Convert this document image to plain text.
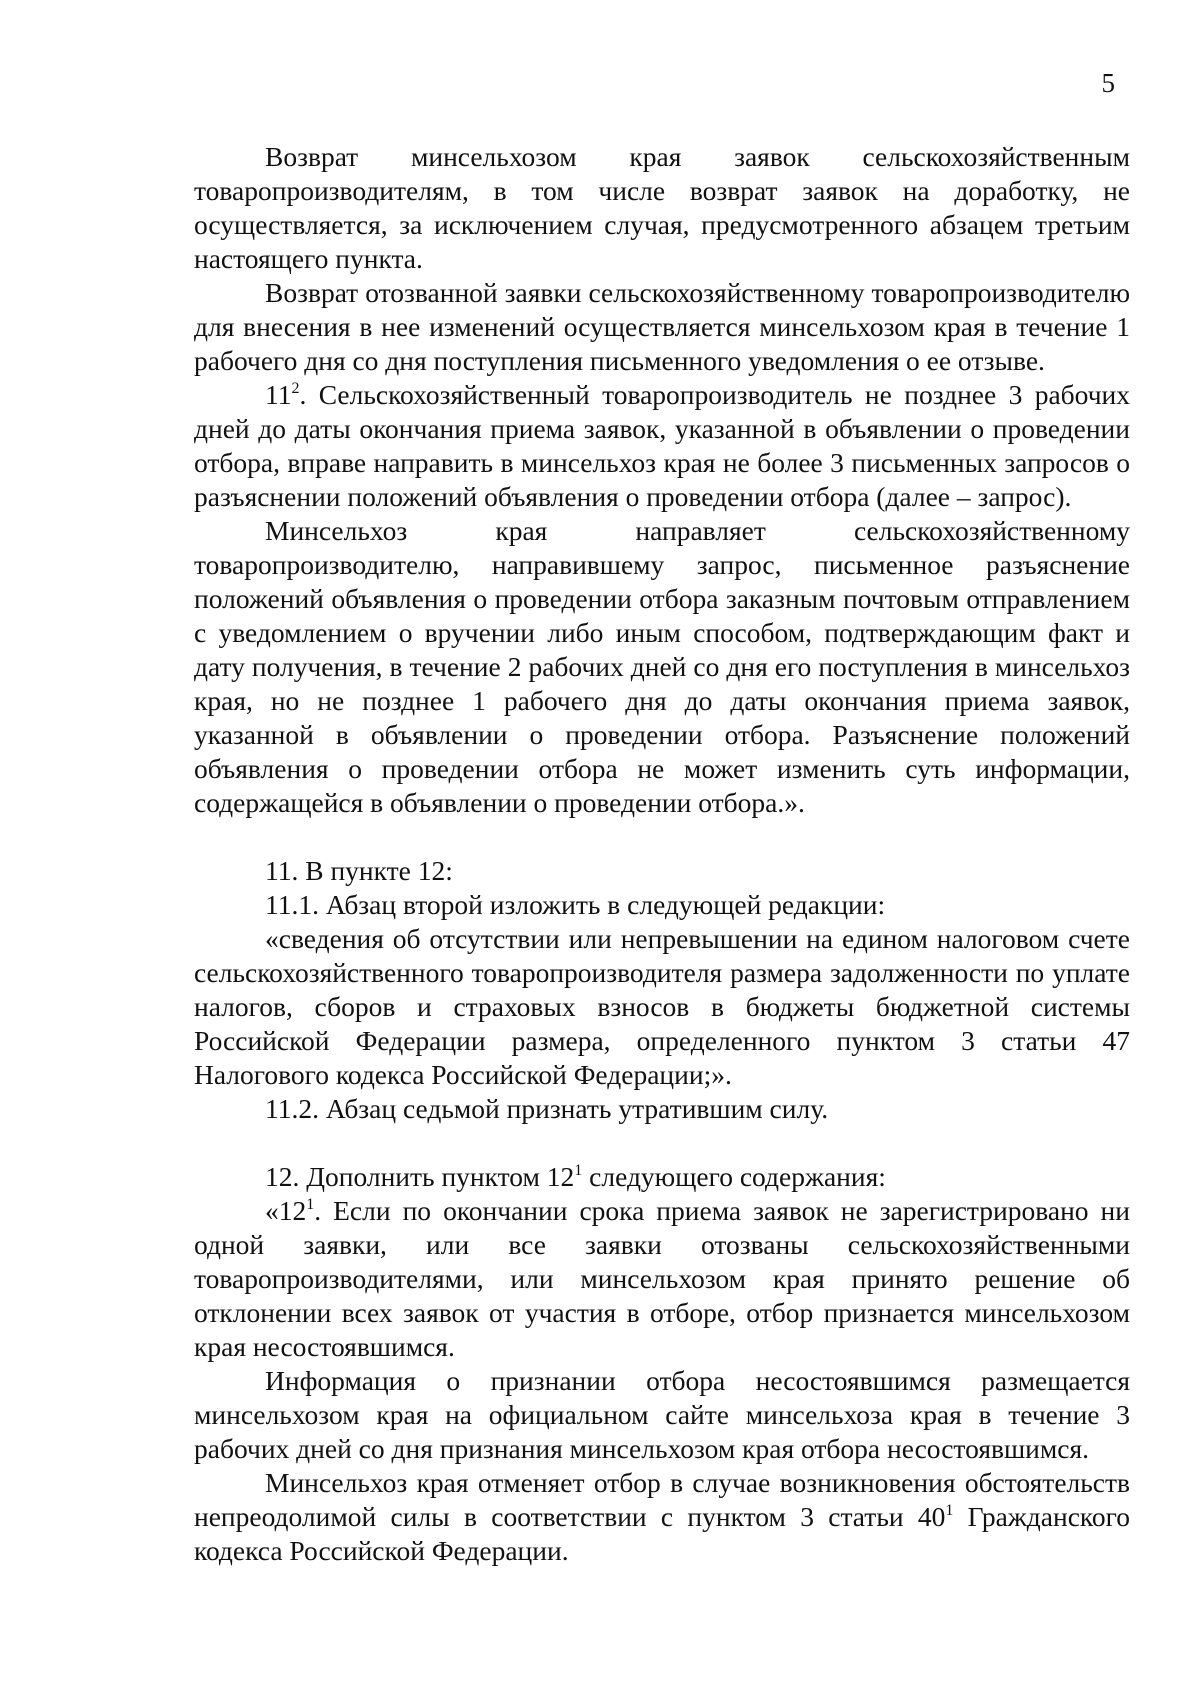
5

Возврат минсельхозом края заявок сельскохозяйственным товаропроизводителям, в том числе возврат заявок на доработку, не осуществляется, за исключением случая, предусмотренного абзацем третьим настоящего пункта.

Возврат отозванной заявки сельскохозяйственному товаропроизводителю для внесения в нее изменений осуществляется минсельхозом края в течение 1 рабочего дня со дня поступления письменного уведомления о ее отзыве.

$11^2$. Сельскохозяйственный товаропроизводитель не позднее 3 рабочих дней до даты окончания приема заявок, указанной в объявлении о проведении отбора, вправе направить в минсельхоз края не более 3 письменных запросов о разъяснении положений объявления о проведении отбора (далее – запрос).

Минсельхоз края направляет сельскохозяйственному товаропроизводителю, направившему запрос, письменное разъяснение положений объявления о проведении отбора заказным почтовым отправлением с уведомлением о вручении либо иным способом, подтверждающим факт и дату получения, в течение 2 рабочих дней со дня его поступления в минсельхоз края, но не позднее 1 рабочего дня до даты окончания приема заявок, указанной в объявлении о проведении отбора. Разъяснение положений объявления о проведении отбора не может изменить суть информации, содержащейся в объявлении о проведении отбора.».

11. В пункте 12:

11.1. Абзац второй изложить в следующей редакции:

«сведения об отсутствии или непревышении на едином налоговом счете сельскохозяйственного товаропроизводителя размера задолженности по уплате налогов, сборов и страховых взносов в бюджеты бюджетной системы Российской Федерации размера, определенного пунктом 3 статьи 47 Налогового кодекса Российской Федерации;».

11.2. Абзац седьмой признать утратившим силу.

12. Дополнить пунктом $12^1$ следующего содержания:

«$12^1$. Если по окончании срока приема заявок не зарегистрировано ни одной заявки, или все заявки отозваны сельскохозяйственными товаропроизводителями, или минсельхозом края принято решение об отклонении всех заявок от участия в отборе, отбор признается минсельхозом края несостоявшимся.

Информация о признании отбора несостоявшимся размещается минсельхозом края на официальном сайте минсельхоза края в течение 3 рабочих дней со дня признания минсельхозом края отбора несостоявшимся.

Минсельхоз края отменяет отбор в случае возникновения обстоятельств непреодолимой силы в соответствии с пунктом 3 статьи $40^1$ Гражданского кодекса Российской Федерации.
